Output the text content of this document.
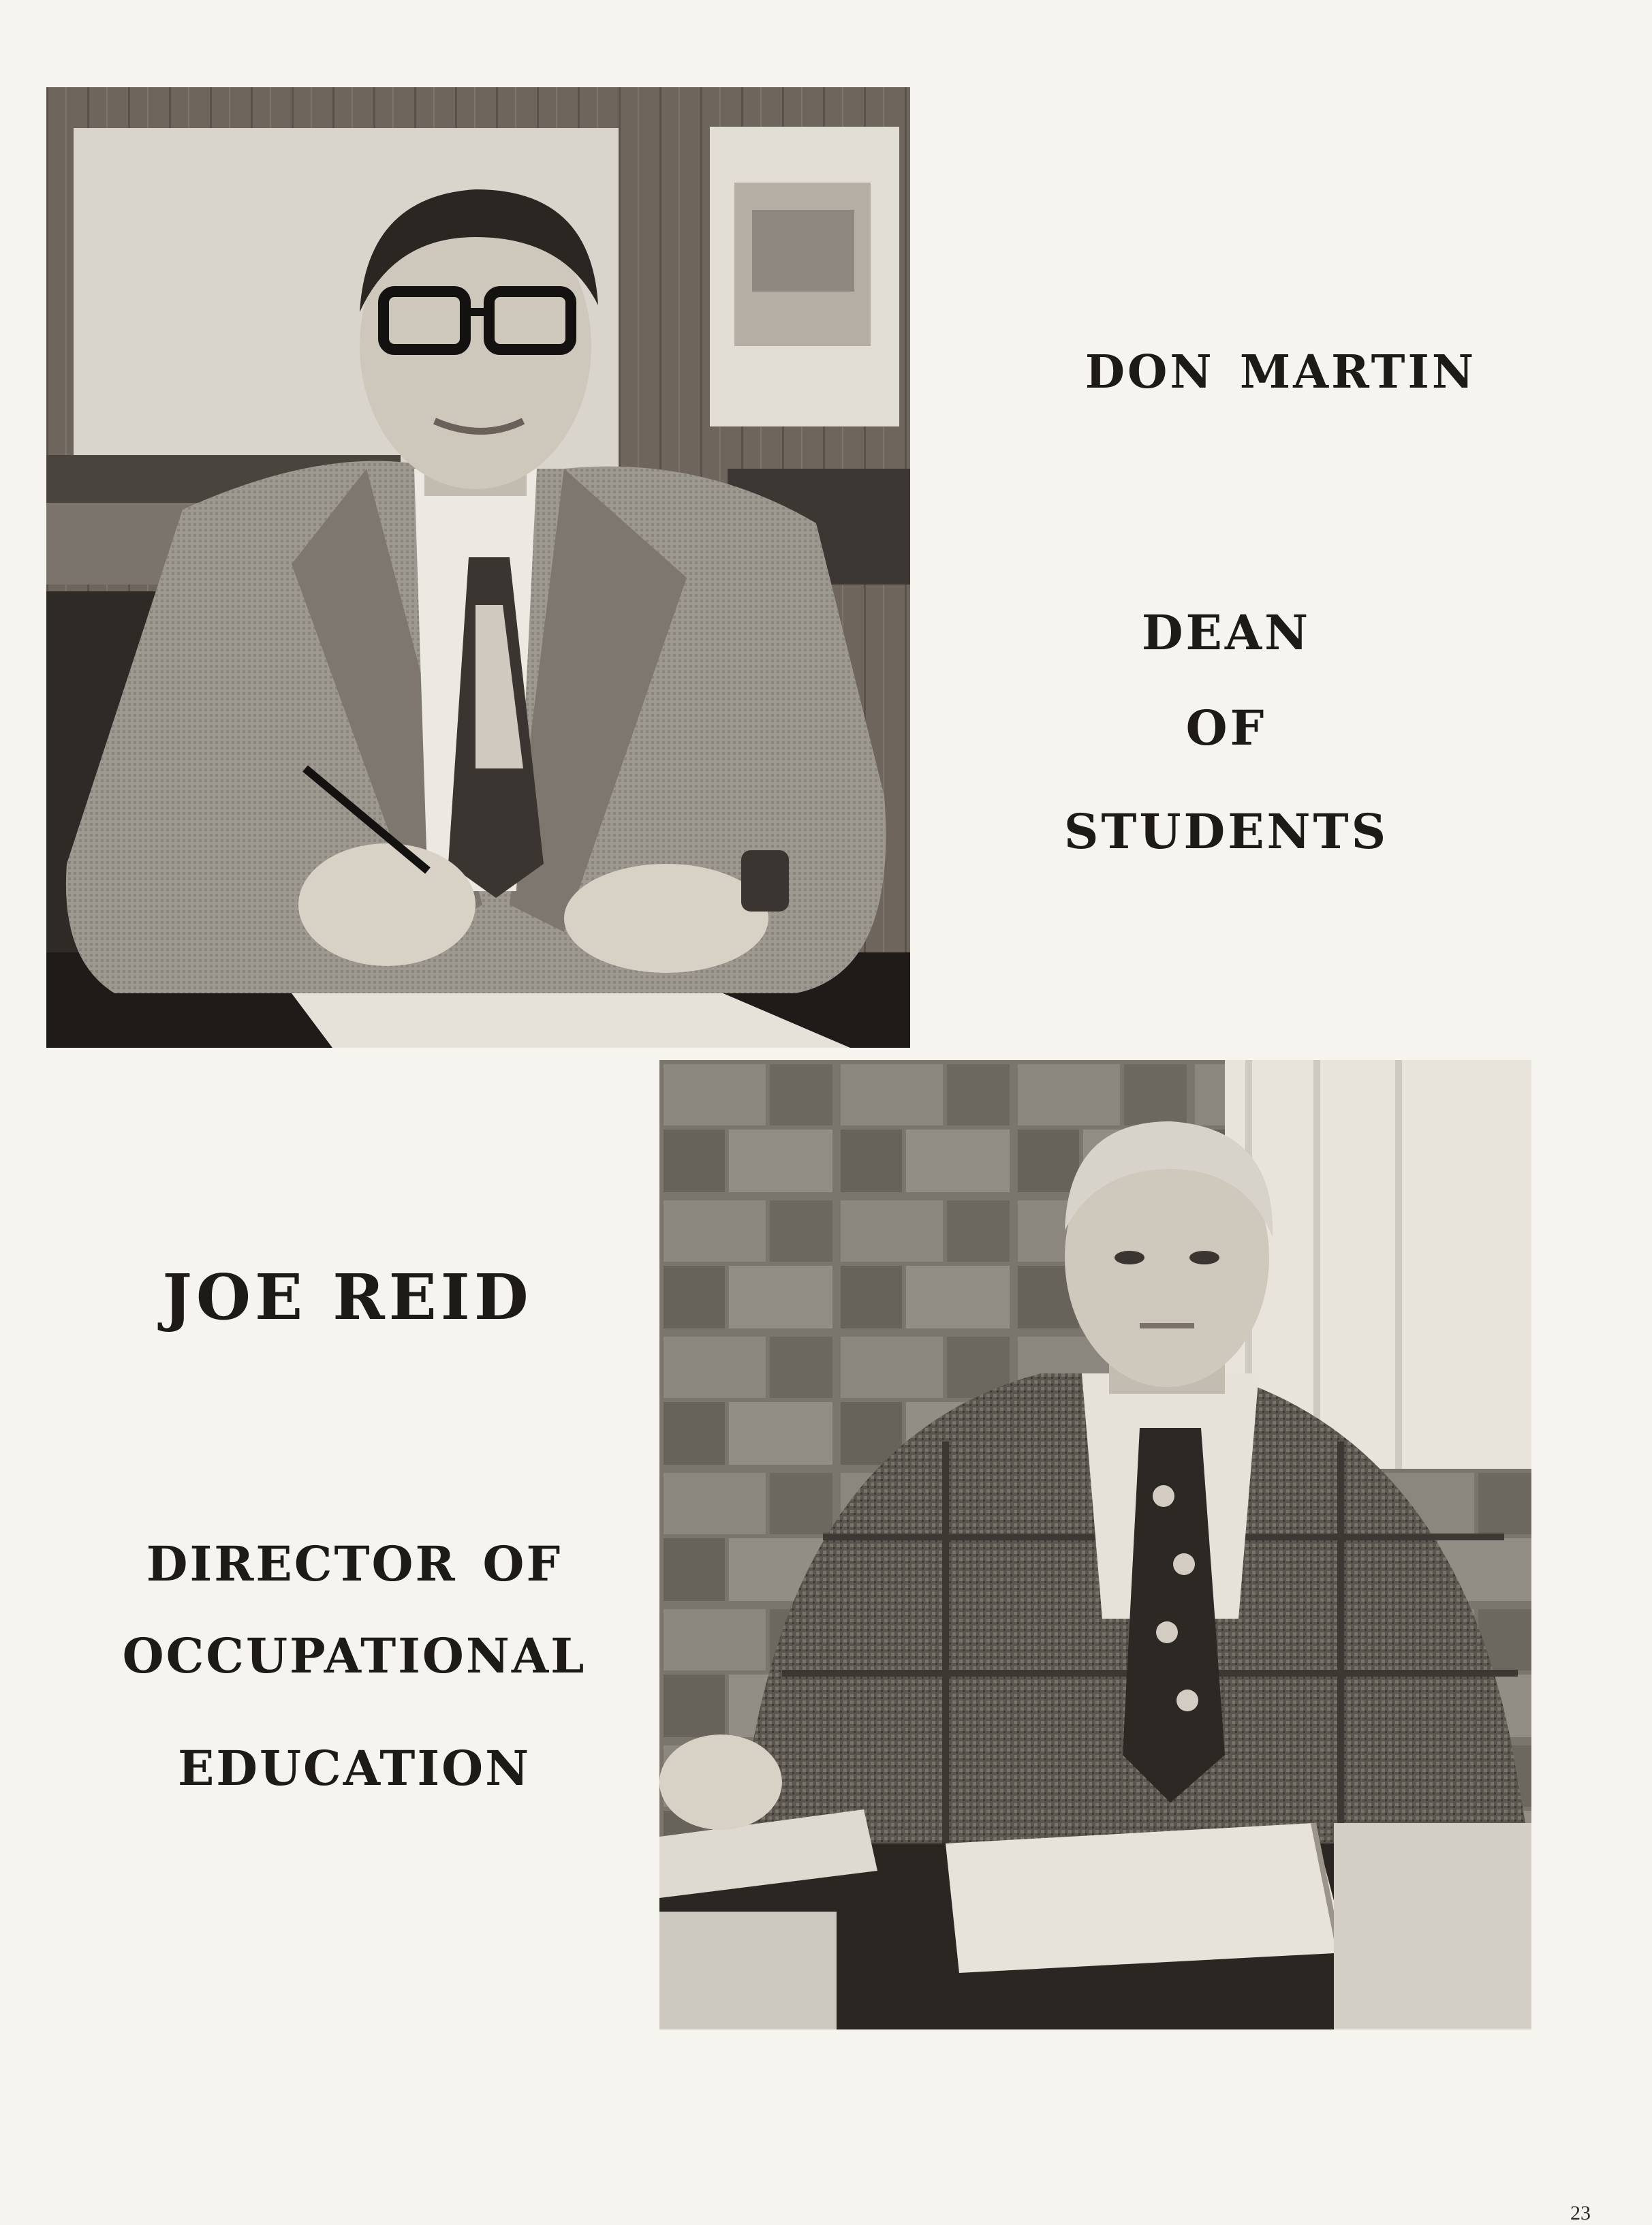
don martin
dean
of
students
JOE REID
director of
occupational
education
23
